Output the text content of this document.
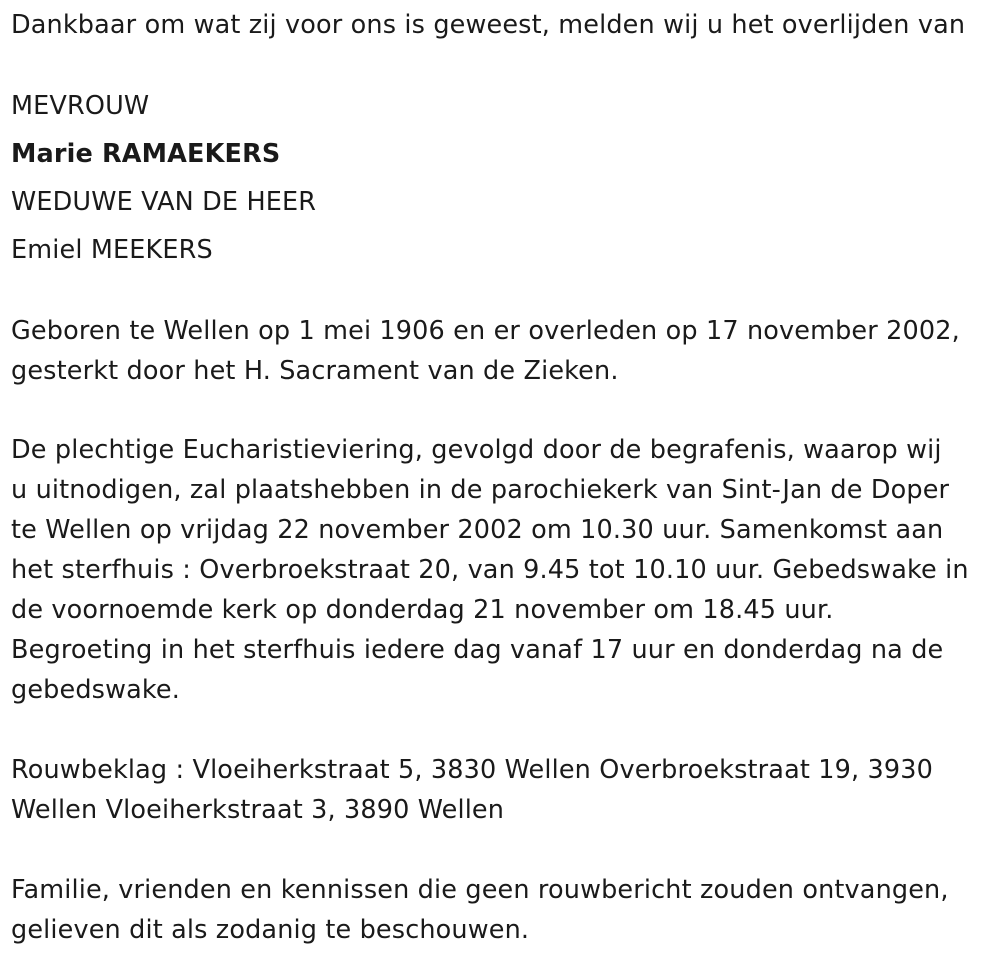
Dankbaar om wat zij voor ons is geweest, melden wij u het overlijden van
MEVROUW
Marie RAMAEKERS
WEDUWE VAN DE HEER
Emiel MEEKERS
Geboren te Wellen op 1 mei 1906 en er overleden op 17 november 2002,
gesterkt door het H. Sacrament van de Zieken.
De plechtige Eucharistieviering, gevolgd door de begrafenis, waarop wij
u uitnodigen, zal plaatshebben in de parochiekerk van Sint-Jan de Doper
te Wellen op vrijdag 22 november 2002 om 10.30 uur. Samenkomst aan
het sterfhuis : Overbroekstraat 20, van 9.45 tot 10.10 uur. Gebedswake in
de voornoemde kerk op donderdag 21 november om 18.45 uur.
Begroeting in het sterfhuis iedere dag vanaf 17 uur en donderdag na de
gebedswake.
Rouwbeklag : Vloeiherkstraat 5, 3830 Wellen Overbroekstraat 19, 3930
Wellen Vloeiherkstraat 3, 3890 Wellen
Familie, vrienden en kennissen die geen rouwbericht zouden ontvangen,
gelieven dit als zodanig te beschouwen.
